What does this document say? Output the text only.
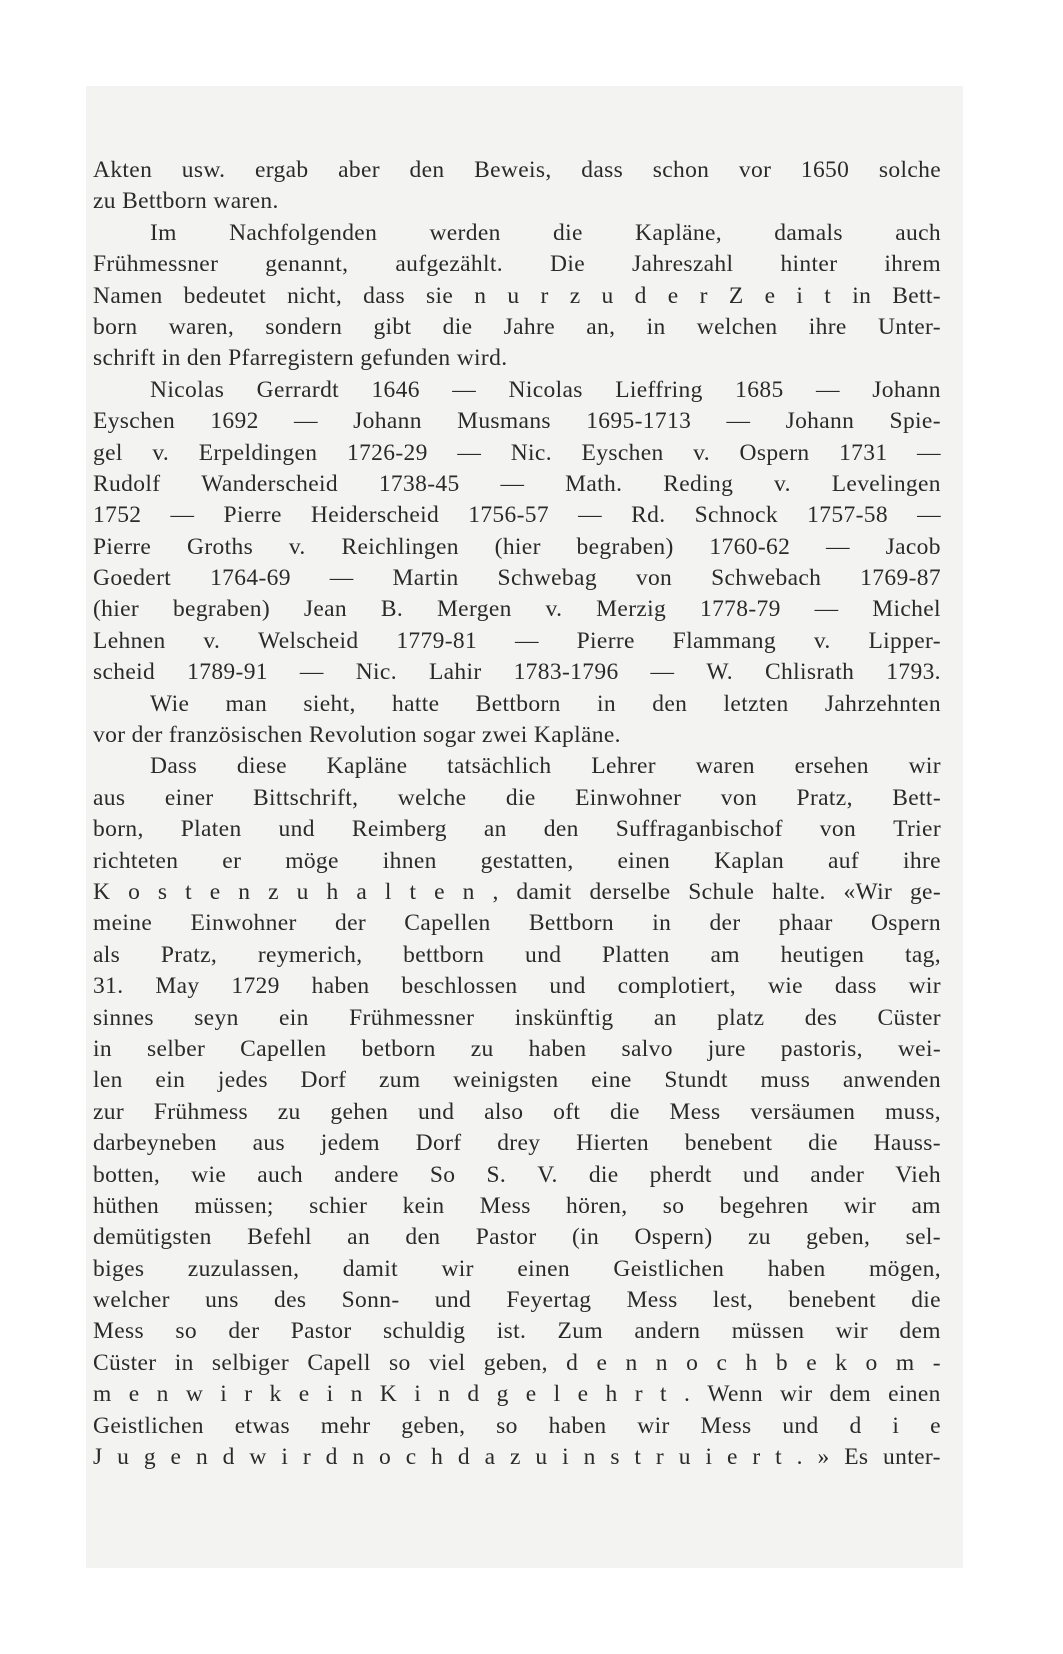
Akten usw. ergab aber den Beweis, dass schon vor 1650 solche
zu Bettborn waren.
Im Nachfolgenden werden die Kapläne, damals auch
Frühmessner genannt, aufgezählt. Die Jahreszahl hinter ihrem
Namen bedeutet nicht, dass sie n u r z u d e r Z e i t in Bett-
born waren, sondern gibt die Jahre an, in welchen ihre Unter-
schrift in den Pfarregistern gefunden wird.
Nicolas Gerrardt 1646 — Nicolas Lieffring 1685 — Johann
Eyschen 1692 — Johann Musmans 1695-1713 — Johann Spie-
gel v. Erpeldingen 1726-29 — Nic. Eyschen v. Ospern 1731 —
Rudolf Wanderscheid 1738-45 — Math. Reding v. Levelingen
1752 — Pierre Heiderscheid 1756-57 — Rd. Schnock 1757-58 —
Pierre Groths v. Reichlingen (hier begraben) 1760-62 — Jacob
Goedert 1764-69 — Martin Schwebag von Schwebach 1769-87
(hier begraben) Jean B. Mergen v. Merzig 1778-79 — Michel
Lehnen v. Welscheid 1779-81 — Pierre Flammang v. Lipper-
scheid 1789-91 — Nic. Lahir 1783-1796 — W. Chlisrath 1793.
Wie man sieht, hatte Bettborn in den letzten Jahrzehnten
vor der französischen Revolution sogar zwei Kapläne.
Dass diese Kapläne tatsächlich Lehrer waren ersehen wir
aus einer Bittschrift, welche die Einwohner von Pratz, Bett-
born, Platen und Reimberg an den Suffraganbischof von Trier
richteten er möge ihnen gestatten, einen Kaplan auf ihre
K o s t e n z u h a l t e n , damit derselbe Schule halte. «Wir ge-
meine Einwohner der Capellen Bettborn in der phaar Ospern
als Pratz, reymerich, bettborn und Platten am heutigen tag,
31. May 1729 haben beschlossen und complotiert, wie dass wir
sinnes seyn ein Frühmessner inskünftig an platz des Cüster
in selber Capellen betborn zu haben salvo jure pastoris, wei-
len ein jedes Dorf zum weinigsten eine Stundt muss anwenden
zur Frühmess zu gehen und also oft die Mess versäumen muss,
darbeyneben aus jedem Dorf drey Hierten benebent die Hauss-
botten, wie auch andere So S. V. die pherdt und ander Vieh
hüthen müssen; schier kein Mess hören, so begehren wir am
demütigsten Befehl an den Pastor (in Ospern) zu geben, sel-
biges zuzulassen, damit wir einen Geistlichen haben mögen,
welcher uns des Sonn- und Feyertag Mess lest, benebent die
Mess so der Pastor schuldig ist. Zum andern müssen wir dem
Cüster in selbiger Capell so viel geben, d e n n o c h b e k o m -
m e n w i r k e i n K i n d g e l e h r t . Wenn wir dem einen
Geistlichen etwas mehr geben, so haben wir Mess und d i e
J u g e n d w i r d n o c h d a z u i n s t r u i e r t . » Es unter-
